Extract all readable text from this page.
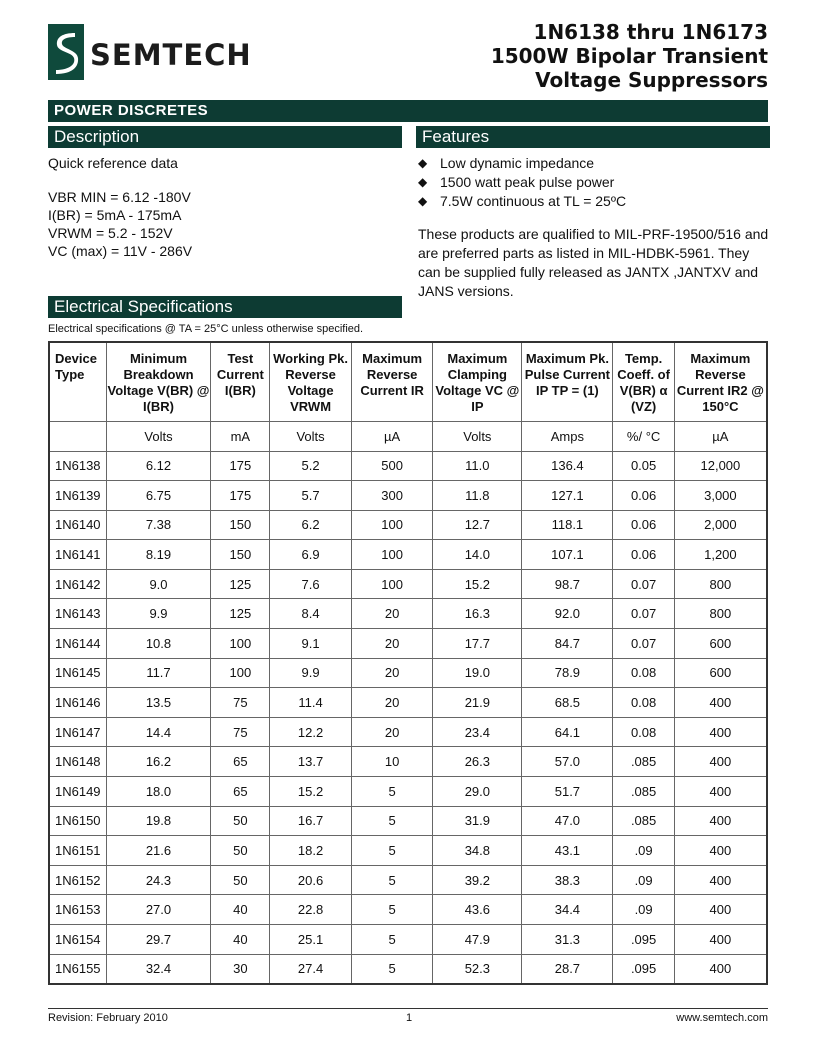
SEMTECH
1N6138 thru 1N6173
1500W Bipolar Transient
Voltage Suppressors
POWER DISCRETES
Description
Quick reference data
VBR MIN = 6.12 -180V
I(BR) = 5mA - 175mA
VRWM = 5.2 - 152V
VC (max) = 11V - 286V
Features
◆ Low dynamic impedance
◆ 1500 watt peak pulse power
◆ 7.5W continuous at TL = 25ºC
These products are qualified to MIL-PRF-19500/516 and are preferred parts as listed in MIL-HDBK-5961. They can be supplied fully released as JANTX ,JANTXV and JANS versions.
Electrical Specifications
Electrical specifications @ TA = 25°C unless otherwise specified.
Device Type	Minimum Breakdown Voltage V(BR) @ I(BR)	Test Current I(BR)	Working Pk. Reverse Voltage VRWM	Maximum Reverse Current IR	Maximum Clamping Voltage VC @ IP	Maximum Pk. Pulse Current IP TP = (1)	Temp. Coeff. of V(BR) α (VZ)	Maximum Reverse Current IR2 @ 150°C
	Volts	mA	Volts	µA	Volts	Amps	%/ °C	µA
1N6138	6.12	175	5.2	500	11.0	136.4	0.05	12,000
1N6139	6.75	175	5.7	300	11.8	127.1	0.06	3,000
1N6140	7.38	150	6.2	100	12.7	118.1	0.06	2,000
1N6141	8.19	150	6.9	100	14.0	107.1	0.06	1,200
1N6142	9.0	125	7.6	100	15.2	98.7	0.07	800
1N6143	9.9	125	8.4	20	16.3	92.0	0.07	800
1N6144	10.8	100	9.1	20	17.7	84.7	0.07	600
1N6145	11.7	100	9.9	20	19.0	78.9	0.08	600
1N6146	13.5	75	11.4	20	21.9	68.5	0.08	400
1N6147	14.4	75	12.2	20	23.4	64.1	0.08	400
1N6148	16.2	65	13.7	10	26.3	57.0	.085	400
1N6149	18.0	65	15.2	5	29.0	51.7	.085	400
1N6150	19.8	50	16.7	5	31.9	47.0	.085	400
1N6151	21.6	50	18.2	5	34.8	43.1	.09	400
1N6152	24.3	50	20.6	5	39.2	38.3	.09	400
1N6153	27.0	40	22.8	5	43.6	34.4	.09	400
1N6154	29.7	40	25.1	5	47.9	31.3	.095	400
1N6155	32.4	30	27.4	5	52.3	28.7	.095	400
Revision: February 2010	1	www.semtech.com
